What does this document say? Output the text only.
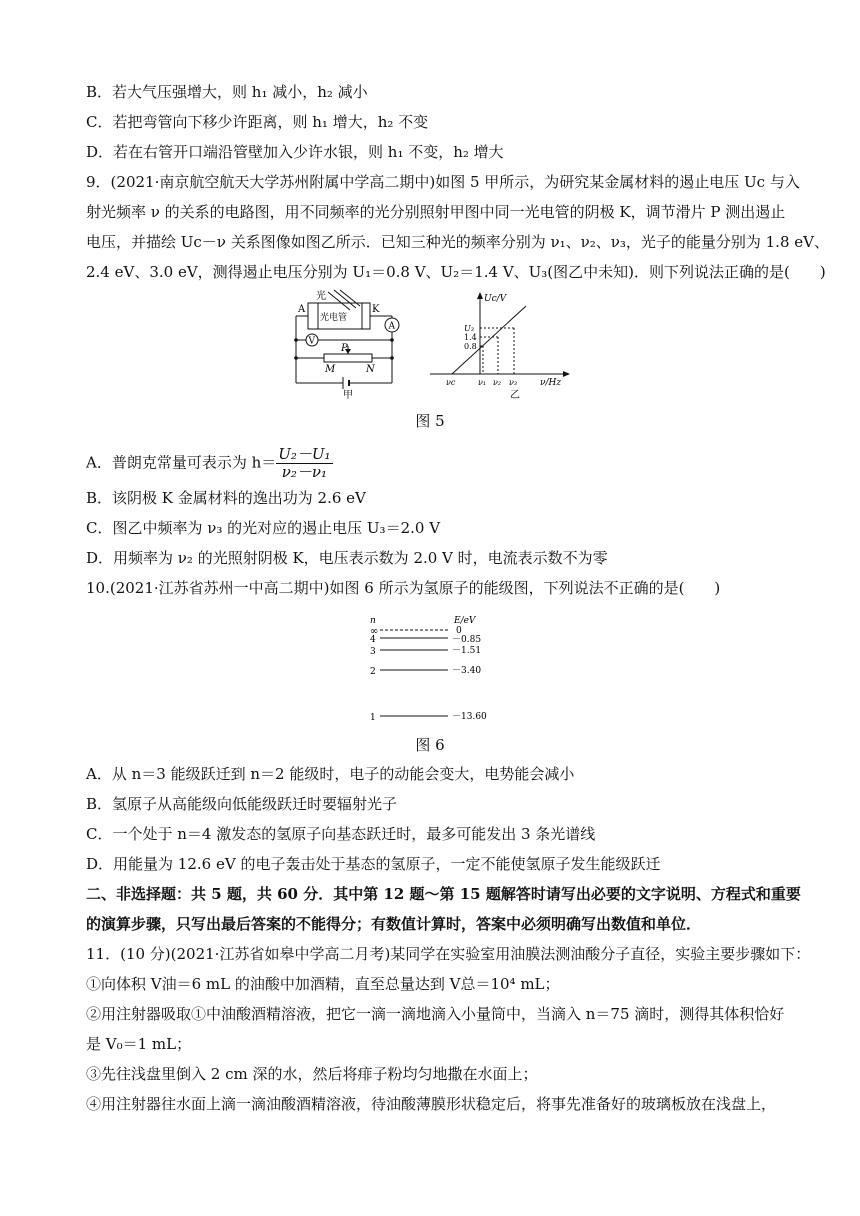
B．若大气压强增大，则 h₁ 减小，h₂ 减小
C．若把弯管向下移少许距离，则 h₁ 增大，h₂ 不变
D．若在右管开口端沿管壁加入少许水银，则 h₁ 不变，h₂ 增大
9．(2021·南京航空航天大学苏州附属中学高二期中)如图 5 甲所示，为研究某金属材料的遏止电压 Uc 与入
射光频率 ν 的关系的电路图，用不同频率的光分别照射甲图中同一光电管的阴极 K，调节滑片 P 测出遏止
电压，并描绘 Uc－ν 关系图像如图乙所示．已知三种光的频率分别为 ν₁、ν₂、ν₃，光子的能量分别为 1.8 eV、
2.4 eV、3.0 eV，测得遏止电压分别为 U₁＝0.8 V、U₂＝1.4 V、U₃(图乙中未知)．则下列说法正确的是(　　)
光
光电管
A	K
V
A
P
M	N
甲
Uc/V
U₃
1.4
0.8
νc	ν₁ ν₂ ν₃	ν/Hz
乙
图 5
A．普朗克常量可表示为 $h= \frac{\text{U₂－U₁}}{\text{ν₂－ν₁}}$
B．该阴极 K 金属材料的逸出功为 2.6 eV
C．图乙中频率为 ν₃ 的光对应的遏止电压 U₃＝2.0 V
D．用频率为 ν₂ 的光照射阴极 K，电压表示数为 2.0 V 时，电流表示数不为零
10.(2021·江苏省苏州一中高二期中)如图 6 所示为氢原子的能级图，下列说法不正确的是(　　)
n	E/eV
∞	0
4	－0.85
3	－1.51
2	－3.40
1	－13.60
图 6
A．从 n＝3 能级跃迁到 n＝2 能级时，电子的动能会变大，电势能会减小
B．氢原子从高能级向低能级跃迁时要辐射光子
C．一个处于 n＝4 激发态的氢原子向基态跃迁时，最多可能发出 3 条光谱线
D．用能量为 12.6 eV 的电子轰击处于基态的氢原子，一定不能使氢原子发生能级跃迁
二、非选择题：共 5 题，共 60 分．其中第 12 题～第 15 题解答时请写出必要的文字说明、方程式和重要
的演算步骤，只写出最后答案的不能得分；有数值计算时，答案中必须明确写出数值和单位．
11．(10 分)(2021·江苏省如皋中学高二月考)某同学在实验室用油膜法测油酸分子直径，实验主要步骤如下：
①向体积 V油＝6 mL 的油酸中加酒精，直至总量达到 V总＝10⁴ mL；
②用注射器吸取①中油酸酒精溶液，把它一滴一滴地滴入小量筒中，当滴入 n＝75 滴时，测得其体积恰好
是 V₀＝1 mL；
③先往浅盘里倒入 2 cm 深的水，然后将痱子粉均匀地撒在水面上；
④用注射器往水面上滴一滴油酸酒精溶液，待油酸薄膜形状稳定后，将事先准备好的玻璃板放在浅盘上，
